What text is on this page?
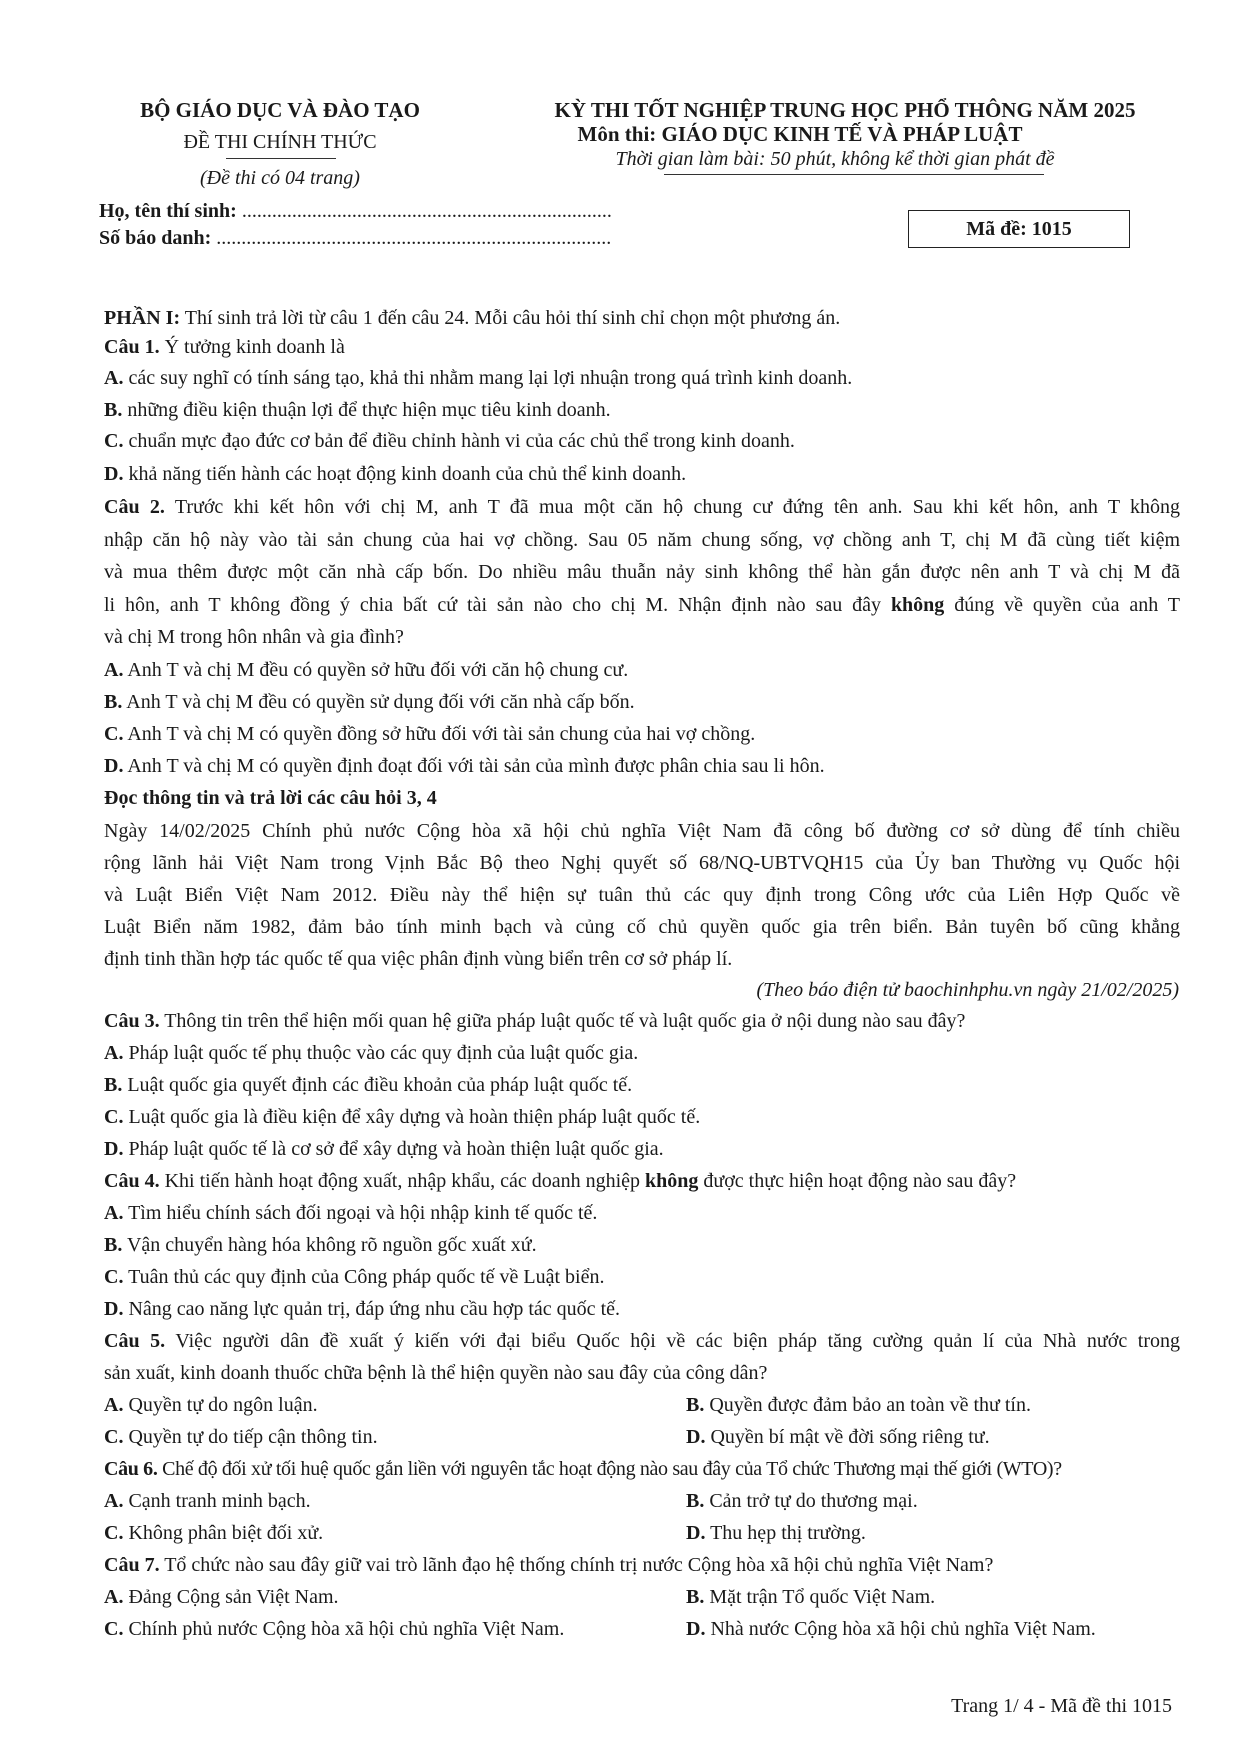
BỘ GIÁO DỤC VÀ ĐÀO TẠO
ĐỀ THI CHÍNH THỨC
(Đề thi có 04 trang)
KỲ THI TỐT NGHIỆP TRUNG HỌC PHỔ THÔNG NĂM 2025
Môn thi: GIÁO DỤC KINH TẾ VÀ PHÁP LUẬT
Thời gian làm bài: 50 phút, không kể thời gian phát đề
Họ, tên thí sinh: ..........................................................................
Số báo danh: ...............................................................................	Mã đề: 1015
PHẦN I: Thí sinh trả lời từ câu 1 đến câu 24. Mỗi câu hỏi thí sinh chỉ chọn một phương án.
Câu 1. Ý tưởng kinh doanh là
A. các suy nghĩ có tính sáng tạo, khả thi nhằm mang lại lợi nhuận trong quá trình kinh doanh.
B. những điều kiện thuận lợi để thực hiện mục tiêu kinh doanh.
C. chuẩn mực đạo đức cơ bản để điều chỉnh hành vi của các chủ thể trong kinh doanh.
D. khả năng tiến hành các hoạt động kinh doanh của chủ thể kinh doanh.
Câu 2. Trước khi kết hôn với chị M, anh T đã mua một căn hộ chung cư đứng tên anh. Sau khi kết hôn, anh T không
nhập căn hộ này vào tài sản chung của hai vợ chồng. Sau 05 năm chung sống, vợ chồng anh T, chị M đã cùng tiết kiệm
và mua thêm được một căn nhà cấp bốn. Do nhiều mâu thuẫn nảy sinh không thể hàn gắn được nên anh T và chị M đã
li hôn, anh T không đồng ý chia bất cứ tài sản nào cho chị M. Nhận định nào sau đây không đúng về quyền của anh T
và chị M trong hôn nhân và gia đình?
A. Anh T và chị M đều có quyền sở hữu đối với căn hộ chung cư.
B. Anh T và chị M đều có quyền sử dụng đối với căn nhà cấp bốn.
C. Anh T và chị M có quyền đồng sở hữu đối với tài sản chung của hai vợ chồng.
D. Anh T và chị M có quyền định đoạt đối với tài sản của mình được phân chia sau li hôn.
Đọc thông tin và trả lời các câu hỏi 3, 4
Ngày 14/02/2025 Chính phủ nước Cộng hòa xã hội chủ nghĩa Việt Nam đã công bố đường cơ sở dùng để tính chiều
rộng lãnh hải Việt Nam trong Vịnh Bắc Bộ theo Nghị quyết số 68/NQ-UBTVQH15 của Ủy ban Thường vụ Quốc hội
và Luật Biển Việt Nam 2012. Điều này thể hiện sự tuân thủ các quy định trong Công ước của Liên Hợp Quốc về
Luật Biển năm 1982, đảm bảo tính minh bạch và củng cố chủ quyền quốc gia trên biển. Bản tuyên bố cũng khẳng
định tinh thần hợp tác quốc tế qua việc phân định vùng biển trên cơ sở pháp lí.
(Theo báo điện tử baochinhphu.vn ngày 21/02/2025)
Câu 3. Thông tin trên thể hiện mối quan hệ giữa pháp luật quốc tế và luật quốc gia ở nội dung nào sau đây?
A. Pháp luật quốc tế phụ thuộc vào các quy định của luật quốc gia.
B. Luật quốc gia quyết định các điều khoản của pháp luật quốc tế.
C. Luật quốc gia là điều kiện để xây dựng và hoàn thiện pháp luật quốc tế.
D. Pháp luật quốc tế là cơ sở để xây dựng và hoàn thiện luật quốc gia.
Câu 4. Khi tiến hành hoạt động xuất, nhập khẩu, các doanh nghiệp không được thực hiện hoạt động nào sau đây?
A. Tìm hiểu chính sách đối ngoại và hội nhập kinh tế quốc tế.
B. Vận chuyển hàng hóa không rõ nguồn gốc xuất xứ.
C. Tuân thủ các quy định của Công pháp quốc tế về Luật biển.
D. Nâng cao năng lực quản trị, đáp ứng nhu cầu hợp tác quốc tế.
Câu 5. Việc người dân đề xuất ý kiến với đại biểu Quốc hội về các biện pháp tăng cường quản lí của Nhà nước trong
sản xuất, kinh doanh thuốc chữa bệnh là thể hiện quyền nào sau đây của công dân?
A. Quyền tự do ngôn luận.	B. Quyền được đảm bảo an toàn về thư tín.
C. Quyền tự do tiếp cận thông tin.	D. Quyền bí mật về đời sống riêng tư.
Câu 6. Chế độ đối xử tối huệ quốc gắn liền với nguyên tắc hoạt động nào sau đây của Tổ chức Thương mại thế giới (WTO)?
A. Cạnh tranh minh bạch.	B. Cản trở tự do thương mại.
C. Không phân biệt đối xử.	D. Thu hẹp thị trường.
Câu 7. Tổ chức nào sau đây giữ vai trò lãnh đạo hệ thống chính trị nước Cộng hòa xã hội chủ nghĩa Việt Nam?
A. Đảng Cộng sản Việt Nam.	B. Mặt trận Tổ quốc Việt Nam.
C. Chính phủ nước Cộng hòa xã hội chủ nghĩa Việt Nam.	D. Nhà nước Cộng hòa xã hội chủ nghĩa Việt Nam.
Trang 1/ 4 - Mã đề thi 1015
